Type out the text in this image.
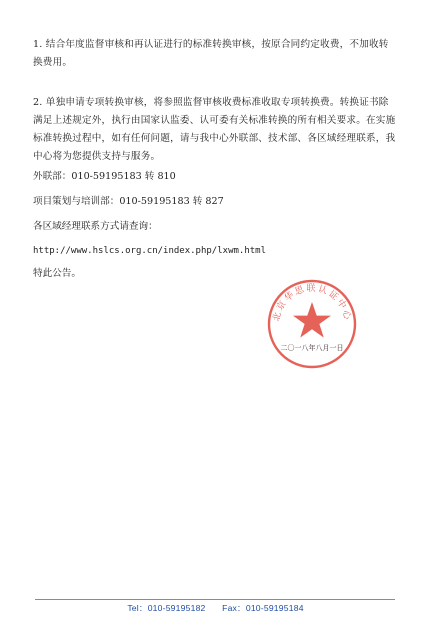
1. 结合年度监督审核和再认证进行的标准转换审核，按原合同约定收费，不加收转换费用。

2. 单独申请专项转换审核，将参照监督审核收费标准收取专项转换费。转换证书除满足上述规定外，执行由国家认监委、认可委有关标准转换的所有相关要求。在实施标准转换过程中，如有任何问题，请与我中心外联部、技术部、各区域经理联系，我中心将为您提供支持与服务。

外联部：010-59195183 转 810

项目策划与培训部：010-59195183 转 827

各区域经理联系方式请查询：

http://www.hslcs.org.cn/index.php/lxwm.html

特此公告。

北京华思联认证中心
二〇一八年八月一日
Tel：010-59195182 Fax：010-59195184
